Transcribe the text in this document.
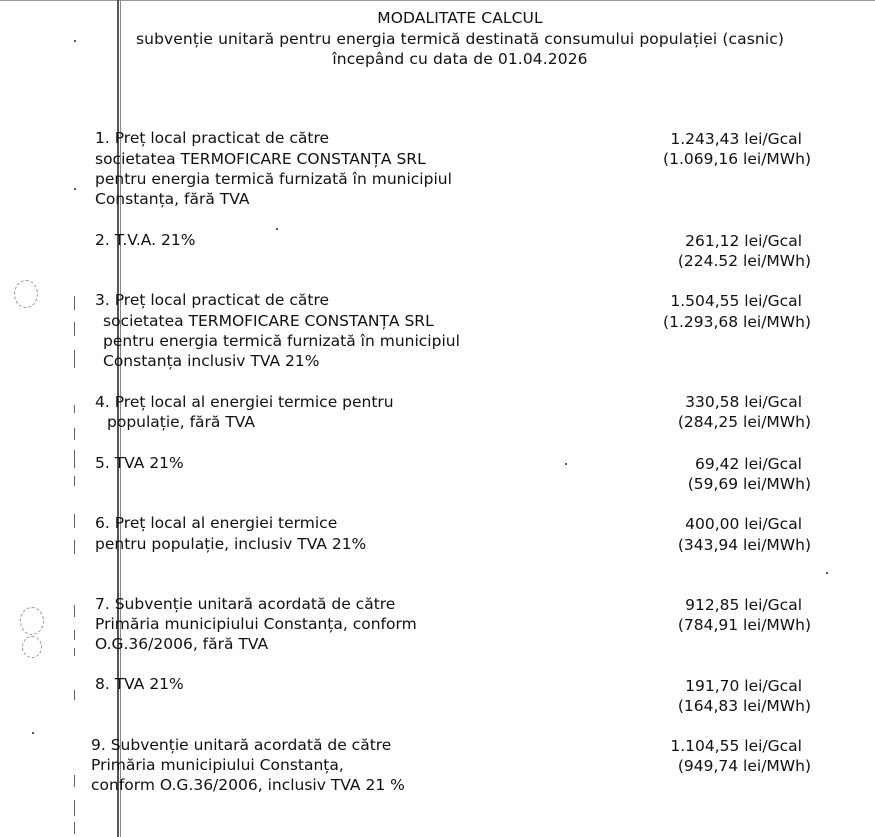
MODALITATE CALCUL
subvenție unitară pentru energia termică destinată consumului populației (casnic)
începând cu data de 01.04.2026
1. Preț local practicat de către
societatea TERMOFICARE CONSTANȚA SRL
pentru energia termică furnizată în municipiul
Constanța, fără TVA
1.243,43 lei/Gcal
(1.069,16 lei/MWh)
2. T.V.A. 21%	261,12 lei/Gcal
(224.52 lei/MWh)
3. Preț local practicat de către
societatea TERMOFICARE CONSTANȚA SRL
pentru energia termică furnizată în municipiul
Constanța inclusiv TVA 21%
1.504,55 lei/Gcal
(1.293,68 lei/MWh)
4. Preț local al energiei termice pentru
populație, fără TVA
330,58 lei/Gcal
(284,25 lei/MWh)
5. TVA 21%	69,42 lei/Gcal
(59,69 lei/MWh)
6. Preț local al energiei termice
pentru populație, inclusiv TVA 21%
400,00 lei/Gcal
(343,94 lei/MWh)
7. Subvenție unitară acordată de către
Primăria municipiului Constanța, conform
O.G.36/2006, fără TVA
912,85 lei/Gcal
(784,91 lei/MWh)
8. TVA 21%	191,70 lei/Gcal
(164,83 lei/MWh)
9. Subvenție unitară acordată de către
Primăria municipiului Constanța,
conform O.G.36/2006, inclusiv TVA 21 %
1.104,55 lei/Gcal
(949,74 lei/MWh)
